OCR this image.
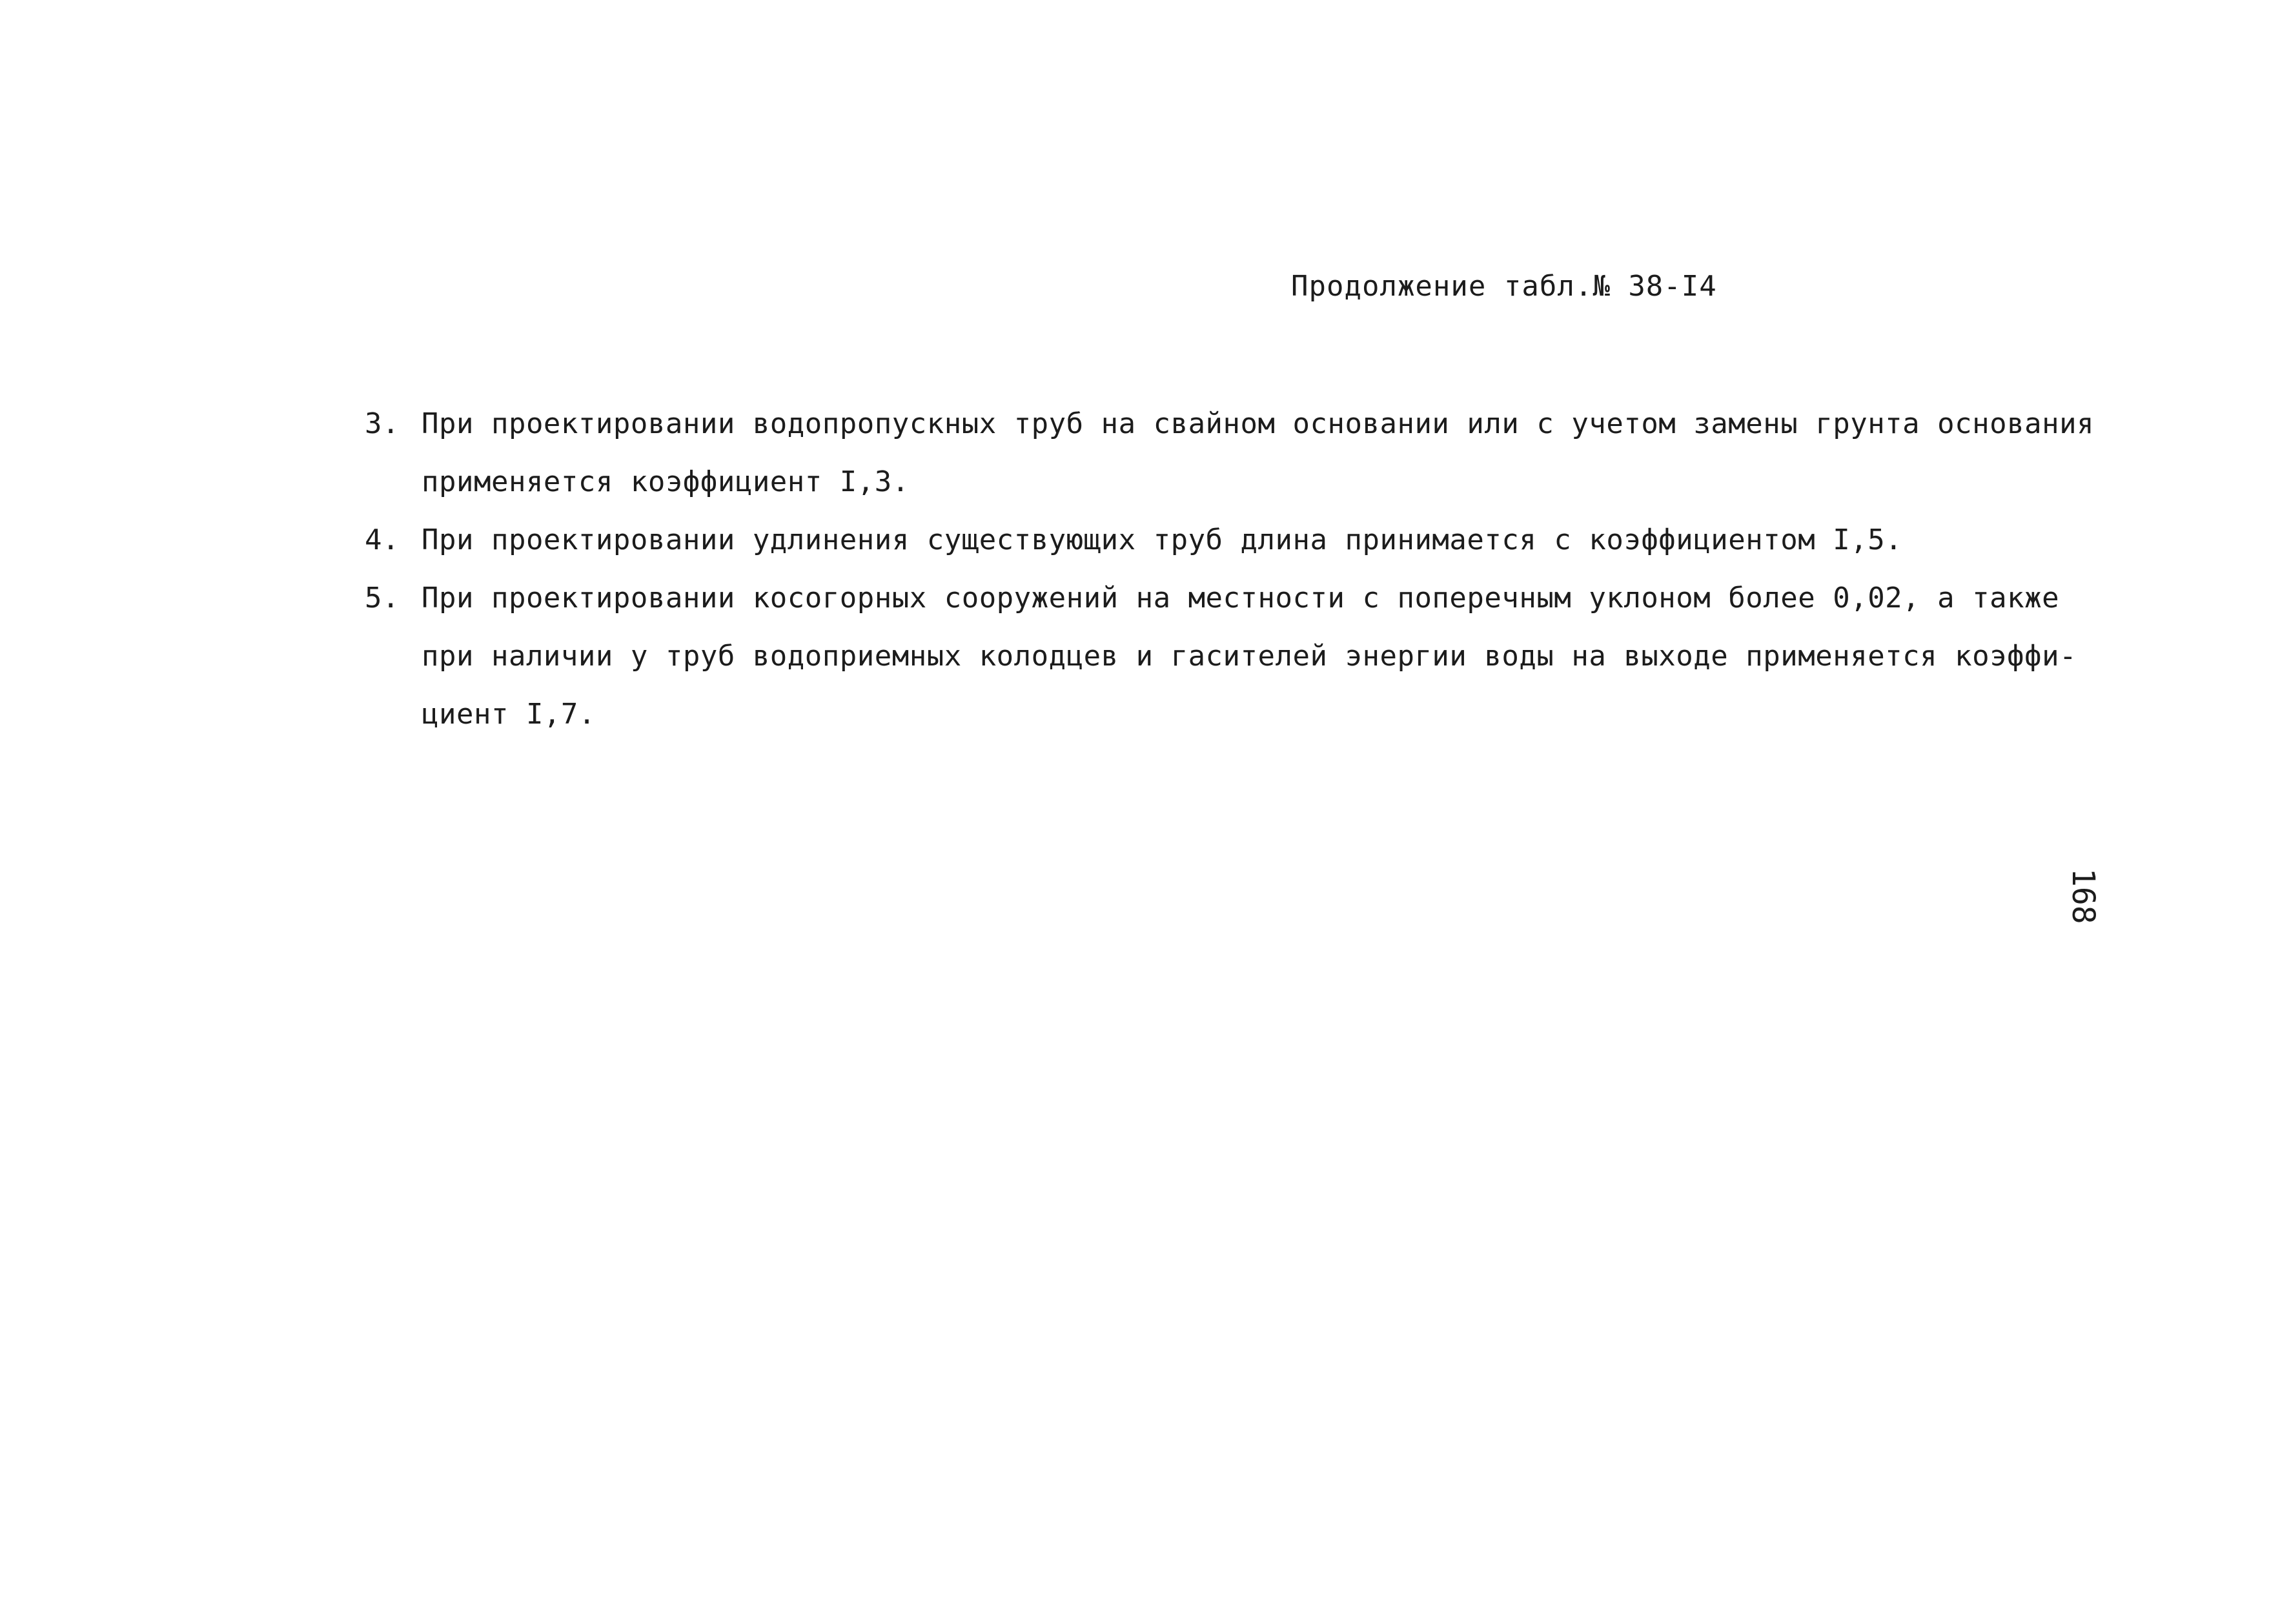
Продолжение табл.№ 38-I4
3. При проектировании водопропускных труб на свайном основании или с учетом замены грунта основания
применяется коэффициент I,3.
4. При проектировании удлинения существующих труб длина принимается с коэффициентом I,5.
5. При проектировании косогорных сооружений на местности с поперечным уклоном более 0,02, а также
при наличии у труб водоприемных колодцев и гасителей энергии воды на выходе применяется коэффи-
циент I,7.
168
